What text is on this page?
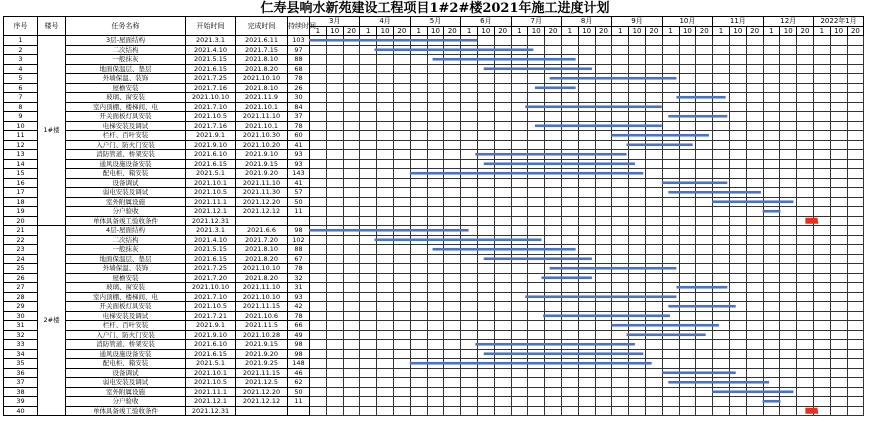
仁寿县响水新苑建设工程项目1#2#楼2021年施工进度计划
序号	楼号	任务名称	开始时间	完成时间	持续时间	3月			4月			5月			6月			7月			8月			9月			10月			11月			12月			2022年1月		
						1	10	20	1	10	20	1	10	20	1	10	20	1	10	20	1	10	20	1	10	20	1	10	20	1	10	20	1	10	20	1	10	20
1	1#楼	3层-屋面结构	2021.3.1	2021.6.11	103																																	
2		二次结构	2021.4.10	2021.7.15	97																																	
3		一般抹灰	2021.5.15	2021.8.10	88																																	
4		地面保温层、垫层	2021.6.15	2021.8.20	68																																	
5		外墙保温、装饰	2021.7.25	2021.10.10	78																																	
6		屋檐安装	2021.7.16	2021.8.10	26																																	
7		玻璃、窗安装	2021.10.10	2021.11.9	30																																	
8		室内顶棚、楼梯间、电	2021.7.10	2021.10.1	84																																	
9		开关面板灯具安装	2021.10.5	2021.11.10	37																																	
10		电梯安装及调试	2021.7.16	2021.10.1	78																																	
11		栏杆、百叶安装	2021.9.1	2021.10.30	60																																	
12		入户门、防火门安装	2021.9.10	2021.10.20	41																																	
13		消防管道、桥架安装	2021.6.10	2021.9.10	93																																	
14		通风设施设备安装	2021.6.15	2021.9.15	93																																	
15		配电柜、箱安装	2021.5.1	2021.9.20	143																																	
16		设备调试	2021.10.1	2021.11.10	41																																	
17		弱电安装及调试	2021.10.5	2021.11.30	57																																	
18		室外附属设施	2021.11.1	2021.12.20	50																																	
19		分户验收	2021.12.1	2021.12.12	11																																	
20		单体具备竣工验收条件	2021.12.31																																			
21	2#楼	4层-屋面结构	2021.3.1	2021.6.6	98																																	
22		二次结构	2021.4.10	2021.7.20	102																																	
23		一般抹灰	2021.5.15	2021.8.10	88																																	
24		地面保温层、垫层	2021.6.15	2021.8.20	67																																	
25		外墙保温、装饰	2021.7.25	2021.10.10	78																																	
26		屋檐安装	2021.7.20	2021.8.20	32																																	
27		玻璃、窗安装	2021.10.10	2021.11.10	31																																	
28		室内顶棚、楼梯间、电	2021.7.10	2021.10.10	93																																	
29		开关面板灯具安装	2021.10.5	2021.11.15	42																																	
30		电梯安装及调试	2021.7.21	2021.10.6	78																																	
31		栏杆、百叶安装	2021.9.1	2021.11.5	66																																	
32		入户门、防火门安装	2021.9.10	2021.10.28	49																																	
33		消防管道、桥架安装	2021.6.10	2021.9.15	98																																	
34		通风设施设备安装	2021.6.15	2021.9.20	98																																	
35		配电柜、箱安装	2021.5.1	2021.9.25	148																																	
36		设备调试	2021.10.1	2021.11.15	46																																	
37		弱电安装及调试	2021.10.5	2021.12.5	62																																	
38		室外附属设施	2021.11.1	2021.12.20	50																																	
39		分户验收	2021.12.1	2021.12.12	11																																	
40		单体具备竣工验收条件	2021.12.31																																			
